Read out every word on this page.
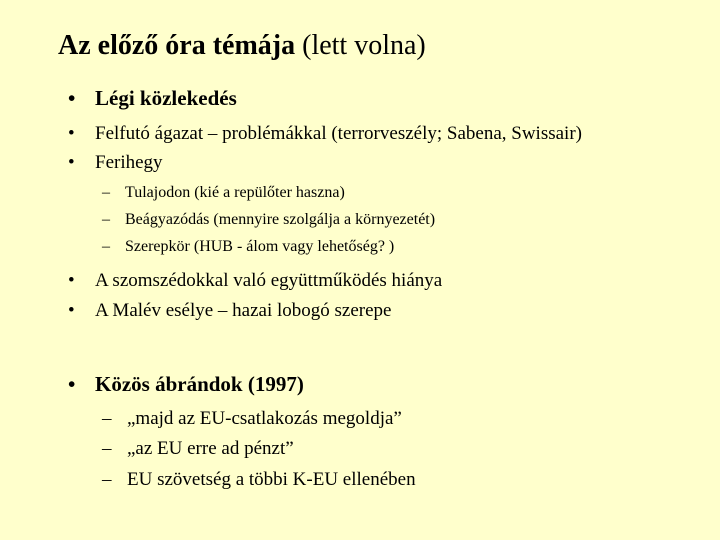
Az előző óra témája (lett volna)
• Légi közlekedés
• Felfutó ágazat – problémákkal (terrorveszély; Sabena, Swissair)
• Ferihegy
– Tulajodon (kié a repülőter haszna)
– Beágyazódás (mennyire szolgálja a környezetét)
– Szerepkör (HUB - álom vagy lehetőség? )
• A szomszédokkal való együttműködés hiánya
• A Malév esélye – hazai lobogó szerepe
• Közös ábrándok (1997)
– „majd az EU-csatlakozás megoldja”
– „az EU erre ad pénzt”
– EU szövetség a többi K-EU ellenében
